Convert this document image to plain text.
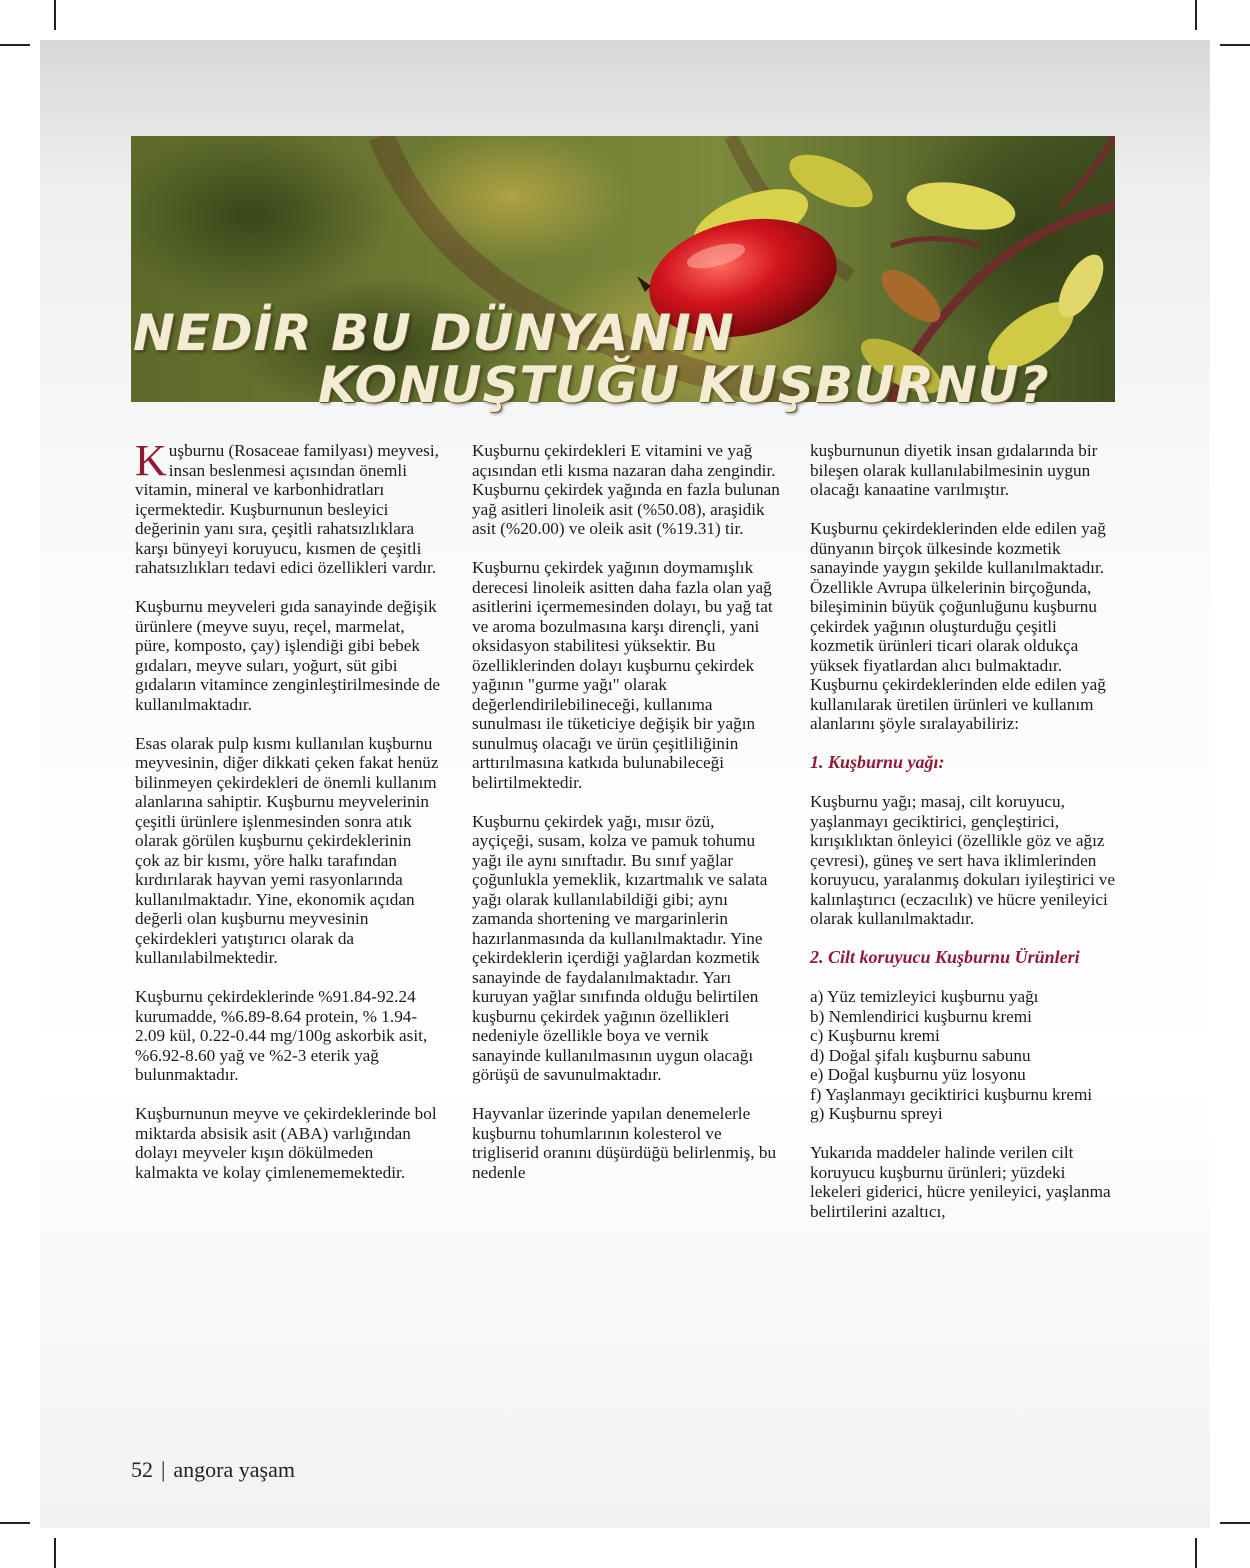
NEDİR BU DÜNYANIN
KONUŞTUĞU KUŞBURNU?

K uşburnu (Rosaceae familyası) meyvesi, insan beslenmesi açısından önemli vitamin, mineral ve karbonhidratları içermektedir. Kuşburnunun besleyici değerinin yanı sıra, çeşitli rahatsızlıklara karşı bünyeyi koruyucu, kısmen de çeşitli rahatsızlıkları tedavi edici özellikleri vardır.

Kuşburnu meyveleri gıda sanayinde değişik ürünlere (meyve suyu, reçel, marmelat, püre, komposto, çay) işlendiği gibi bebek gıdaları, meyve suları, yoğurt, süt gibi gıdaların vitamince zenginleştirilmesinde de kullanılmaktadır.

Esas olarak pulp kısmı kullanılan kuşburnu meyvesinin, diğer dikkati çeken fakat henüz bilinmeyen çekirdekleri de önemli kullanım alanlarına sahiptir. Kuşburnu meyvelerinin çeşitli ürünlere işlenmesinden sonra atık olarak görülen kuşburnu çekirdeklerinin çok az bir kısmı, yöre halkı tarafından kırdırılarak hayvan yemi rasyonlarında kullanılmaktadır. Yine, ekonomik açıdan değerli olan kuşburnu meyvesinin çekirdekleri yatıştırıcı olarak da kullanılabilmektedir.

Kuşburnu çekirdeklerinde %91.84-92.24 kurumadde, %6.89-8.64 protein, % 1.94-2.09 kül, 0.22-0.44 mg/100g askorbik asit, %6.92-8.60 yağ ve %2-3 eterik yağ bulunmaktadır.

Kuşburnunun meyve ve çekirdeklerinde bol miktarda absisik asit (ABA) varlığından dolayı meyveler kışın dökülmeden kalmakta ve kolay çimlenememektedir.

Kuşburnu çekirdekleri E vitamini ve yağ açısından etli kısma nazaran daha zengindir. Kuşburnu çekirdek yağında en fazla bulunan yağ asitleri linoleik asit (%50.08), araşidik asit (%20.00) ve oleik asit (%19.31) tir.

Kuşburnu çekirdek yağının doymamışlık derecesi linoleik asitten daha fazla olan yağ asitlerini içermemesinden dolayı, bu yağ tat ve aroma bozulmasına karşı dirençli, yani oksidasyon stabilitesi yüksektir. Bu özelliklerinden dolayı kuşburnu çekirdek yağının "gurme yağı" olarak değerlendirilebilineceği, kullanıma sunulması ile tüketiciye değişik bir yağın sunulmuş olacağı ve ürün çeşitliliğinin arttırılmasına katkıda bulunabileceği belirtilmektedir.

Kuşburnu çekirdek yağı, mısır özü, ayçiçeği, susam, kolza ve pamuk tohumu yağı ile aynı sınıftadır. Bu sınıf yağlar çoğunlukla yemeklik, kızartmalık ve salata yağı olarak kullanılabildiği gibi; aynı zamanda shortening ve margarinlerin hazırlanmasında da kullanılmaktadır. Yine çekirdeklerin içerdiği yağlardan kozmetik sanayinde de faydalanılmaktadır. Yarı kuruyan yağlar sınıfında olduğu belirtilen kuşburnu çekirdek yağının özellikleri nedeniyle özellikle boya ve vernik sanayinde kullanılmasının uygun olacağı görüşü de savunulmaktadır.

Hayvanlar üzerinde yapılan denemelerle kuşburnu tohumlarının kolesterol ve trigliserid oranını düşürdüğü belirlenmiş, bu nedenle

kuşburnunun diyetik insan gıdalarında bir bileşen olarak kullanılabilmesinin uygun olacağı kanaatine varılmıştır.

Kuşburnu çekirdeklerinden elde edilen yağ dünyanın birçok ülkesinde kozmetik sanayinde yaygın şekilde kullanılmaktadır. Özellikle Avrupa ülkelerinin birçoğunda, bileşiminin büyük çoğunluğunu kuşburnu çekirdek yağının oluşturduğu çeşitli kozmetik ürünleri ticari olarak oldukça yüksek fiyatlardan alıcı bulmaktadır. Kuşburnu çekirdeklerinden elde edilen yağ kullanılarak üretilen ürünleri ve kullanım alanlarını şöyle sıralayabiliriz:

1. Kuşburnu yağı:

Kuşburnu yağı; masaj, cilt koruyucu, yaşlanmayı geciktirici, gençleştirici, kırışıklıktan önleyici (özellikle göz ve ağız çevresi), güneş ve sert hava iklimlerinden koruyucu, yaralanmış dokuları iyileştirici ve kalınlaştırıcı (eczacılık) ve hücre yenileyici olarak kullanılmaktadır.

2. Cilt koruyucu Kuşburnu Ürünleri

a) Yüz temizleyici kuşburnu yağı
b) Nemlendirici kuşburnu kremi
c) Kuşburnu kremi
d) Doğal şifalı kuşburnu sabunu
e) Doğal kuşburnu yüz losyonu
f) Yaşlanmayı geciktirici kuşburnu kremi
g) Kuşburnu spreyi

Yukarıda maddeler halinde verilen cilt koruyucu kuşburnu ürünleri; yüzdeki lekeleri giderici, hücre yenileyici, yaşlanma belirtilerini azaltıcı,

52 | angora yaşam
